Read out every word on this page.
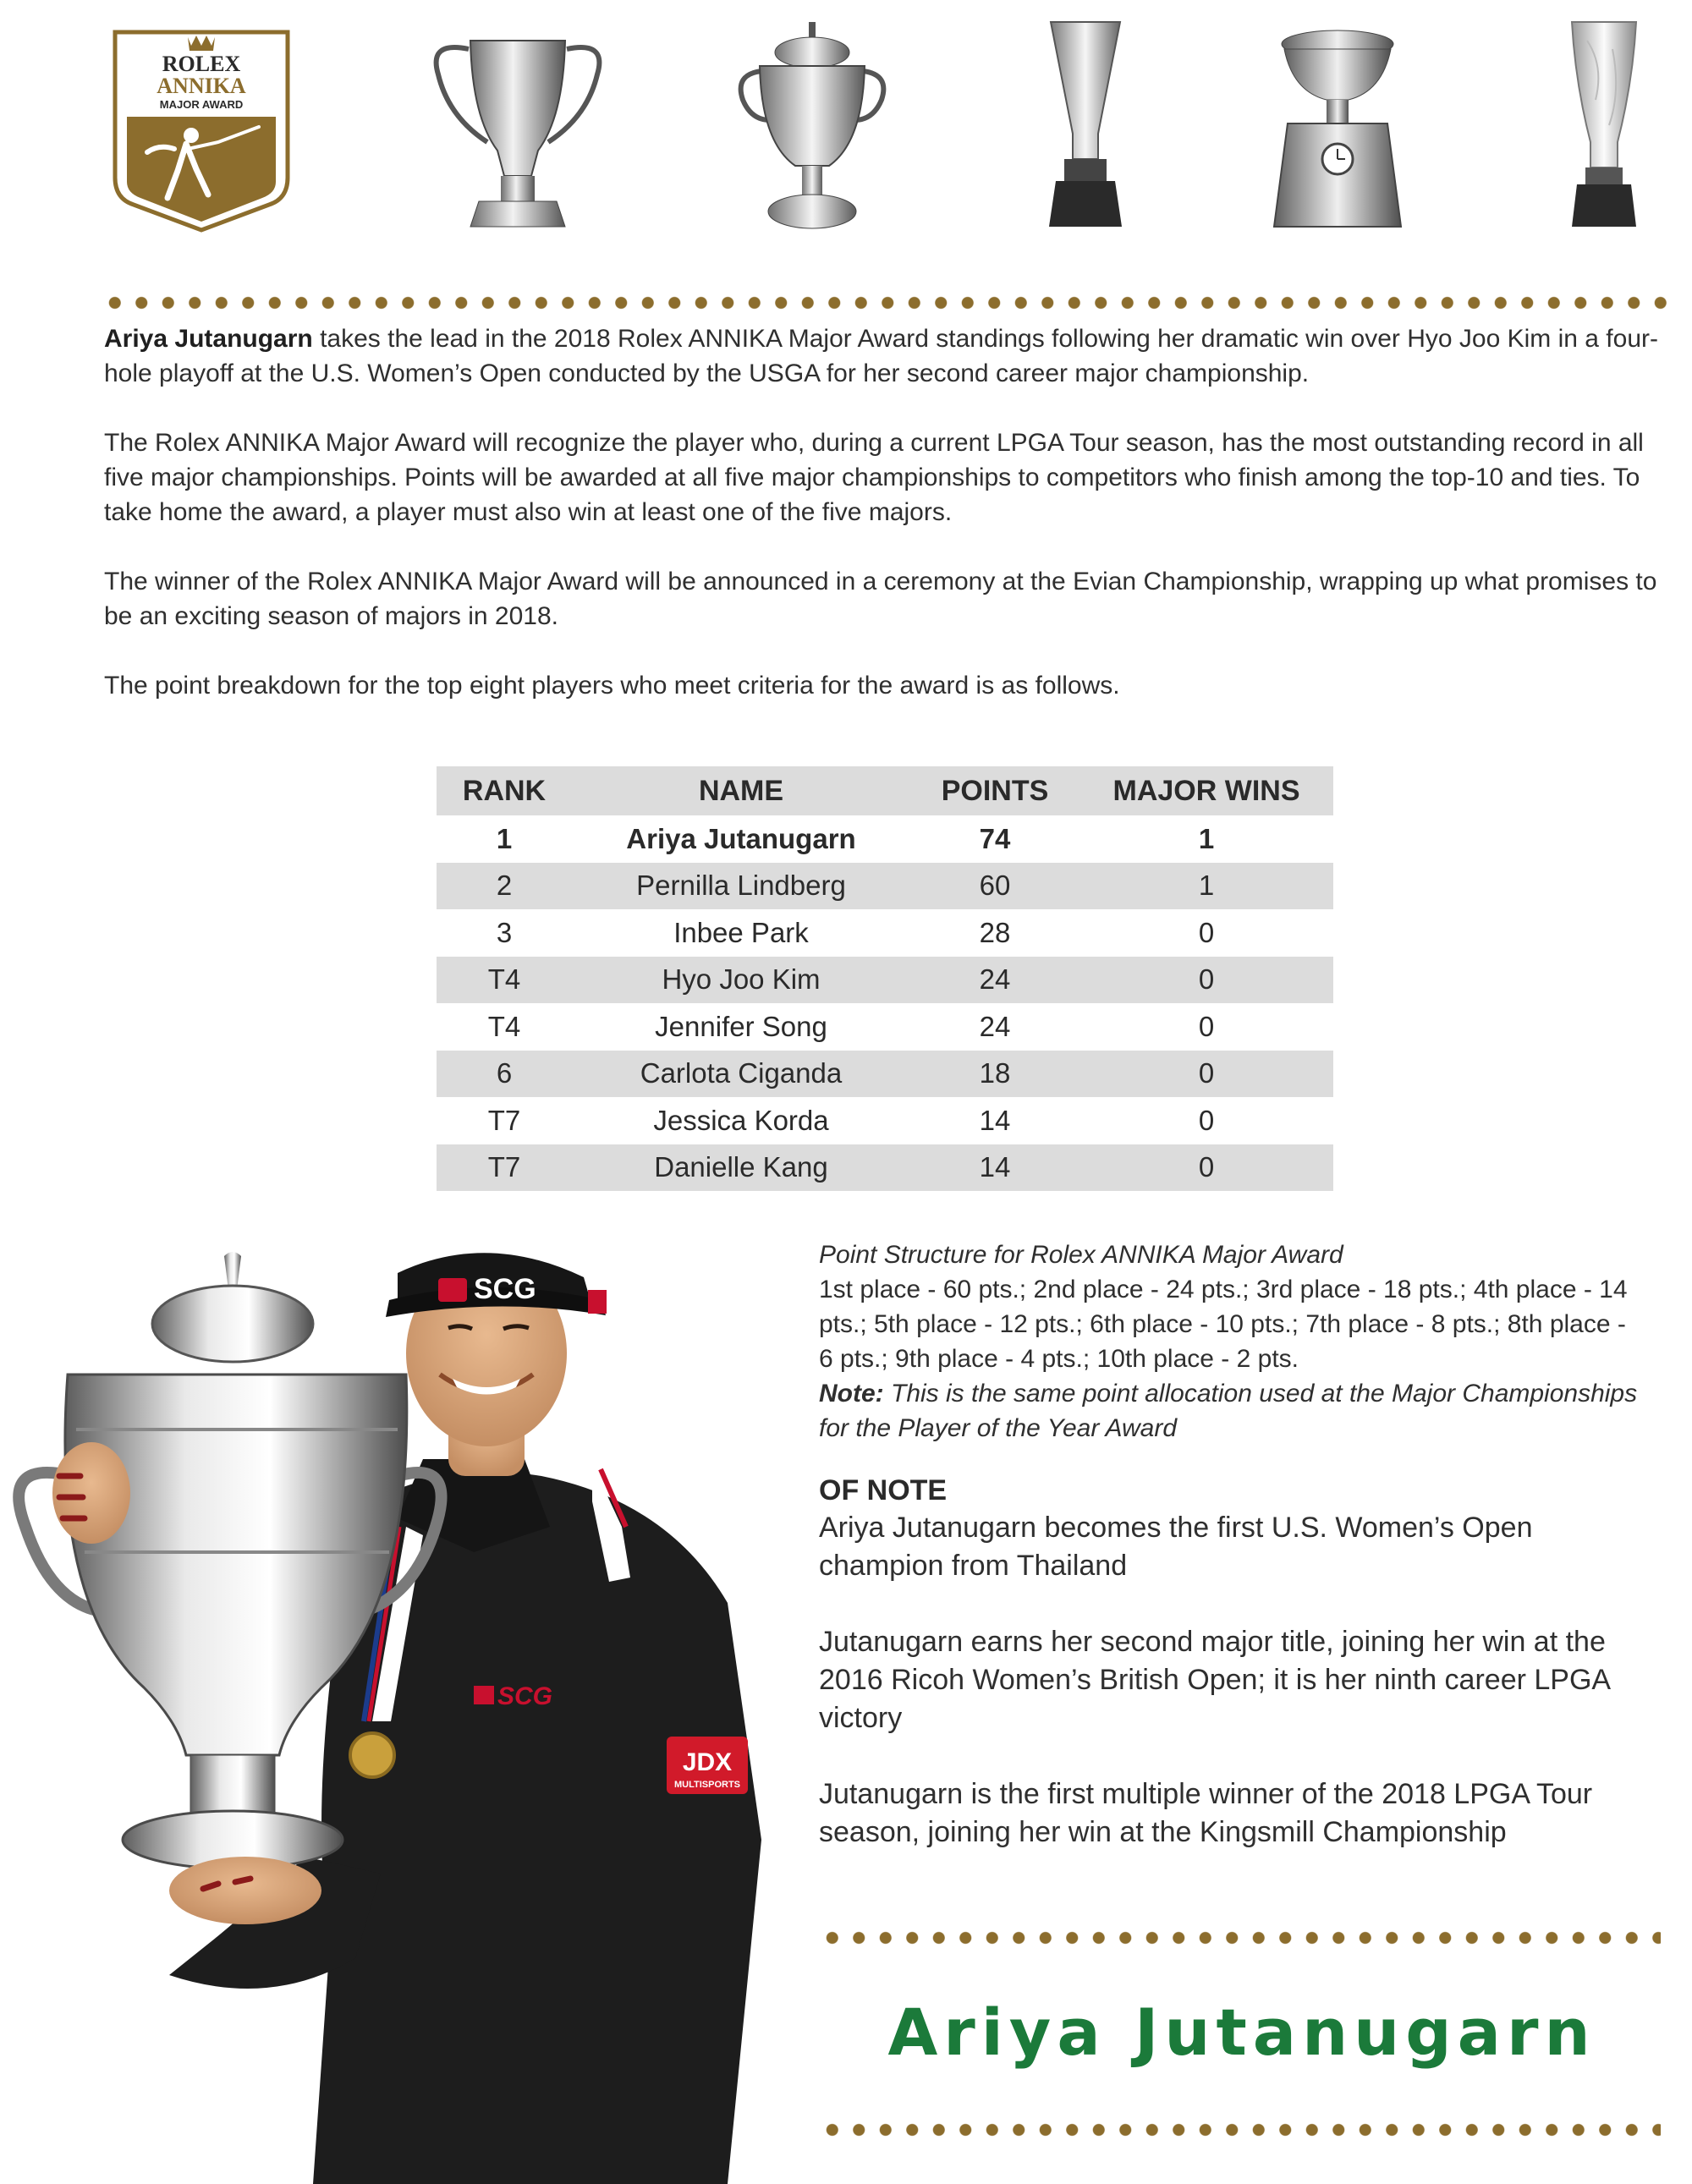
ROLEX
ANNIKA
MAJOR AWARD

Ariya Jutanugarn takes the lead in the 2018 Rolex ANNIKA Major Award standings following her dramatic win over Hyo Joo Kim in a four-hole playoff at the U.S. Women’s Open conducted by the USGA for her second career major championship.

The Rolex ANNIKA Major Award will recognize the player who, during a current LPGA Tour season, has the most outstanding record in all five major championships. Points will be awarded at all five major championships to competitors who finish among the top-10 and ties. To take home the award, a player must also win at least one of the five majors.

The winner of the Rolex ANNIKA Major Award will be announced in a ceremony at the Evian Championship, wrapping up what promises to be an exciting season of majors in 2018.

The point breakdown for the top eight players who meet criteria for the award is as follows.

RANK	NAME	POINTS	MAJOR WINS
1	Ariya Jutanugarn	74	1
2	Pernilla Lindberg	60	1
3	Inbee Park	28	0
T4	Hyo Joo Kim	24	0
T4	Jennifer Song	24	0
6	Carlota Ciganda	18	0
T7	Jessica Korda	14	0
T7	Danielle Kang	14	0
SCG
SCG
JDX
MULTISPORTS
Point Structure for Rolex ANNIKA Major Award
1st place - 60 pts.; 2nd place - 24 pts.; 3rd place - 18 pts.; 4th place - 14
pts.; 5th place - 12 pts.; 6th place - 10 pts.; 7th place - 8 pts.; 8th place -
6 pts.; 9th place - 4 pts.; 10th place - 2 pts.
Note: This is the same point allocation used at the Major Championships for the Player of the Year Award
OF NOTE

Ariya Jutanugarn becomes the first U.S. Women’s Open champion from Thailand

Jutanugarn earns her second major title, joining her win at the 2016 Ricoh Women’s British Open; it is her ninth career LPGA victory

Jutanugarn is the first multiple winner of the 2018 LPGA Tour season, joining her win at the Kingsmill Championship

Ariya Jutanugarn
